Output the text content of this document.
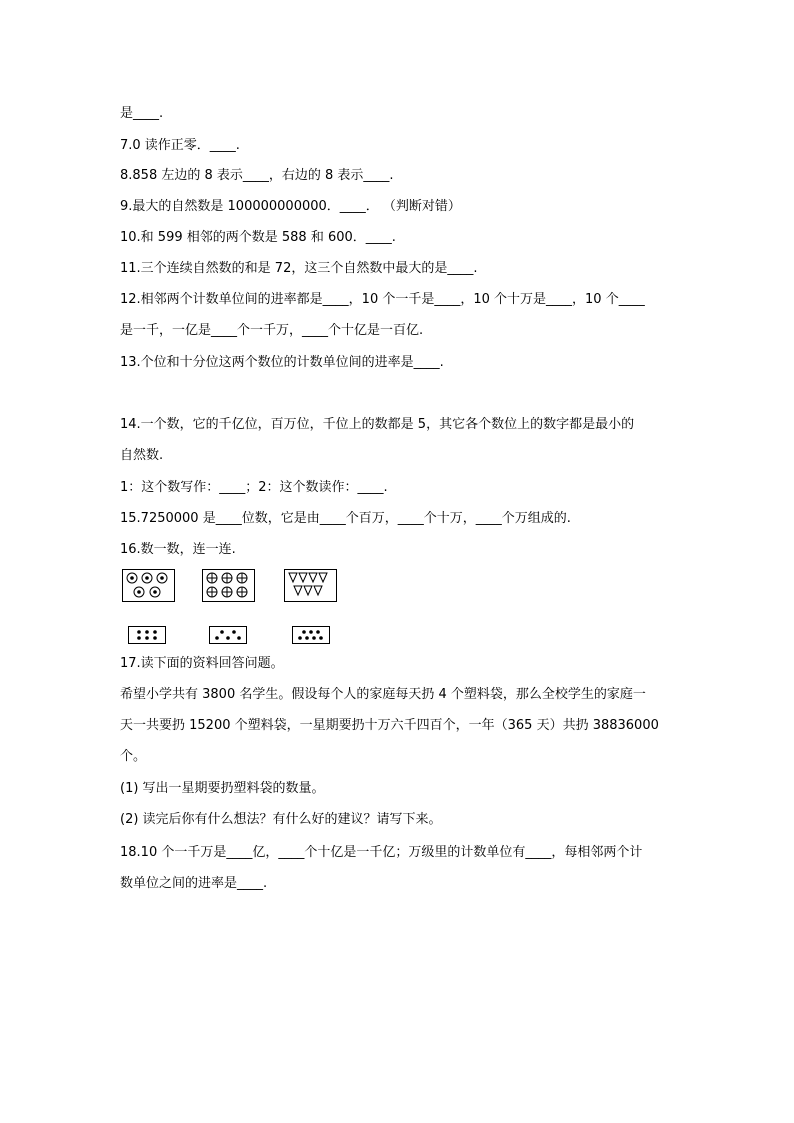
是____.
7.0 读作正零．____.
8.858 左边的 8 表示____，右边的 8 表示____.
9.最大的自然数是 100000000000．____． （判断对错）
10.和 599 相邻的两个数是 588 和 600．____.
11.三个连续自然数的和是 72，这三个自然数中最大的是____.
12.相邻两个计数单位间的进率都是____，10 个一千是____，10 个十万是____，10 个____
是一千，一亿是____个一千万，____个十亿是一百亿.
13.个位和十分位这两个数位的计数单位间的进率是____.
14.一个数，它的千亿位，百万位，千位上的数都是 5，其它各个数位上的数字都是最小的
自然数.
1：这个数写作：____；2：这个数读作：____.
15.7250000 是____位数，它是由____个百万，____个十万，____个万组成的.
16.数一数，连一连.
17.读下面的资料回答问题。
希望小学共有 3800 名学生。假设每个人的家庭每天扔 4 个塑料袋，那么全校学生的家庭一
天一共要扔 15200 个塑料袋，一星期要扔十万六千四百个，一年（365 天）共扔 38836000
个。
(1) 写出一星期要扔塑料袋的数量。
(2) 读完后你有什么想法？有什么好的建议？请写下来。
18.10 个一千万是____亿，____个十亿是一千亿；万级里的计数单位有____，每相邻两个计
数单位之间的进率是____.
